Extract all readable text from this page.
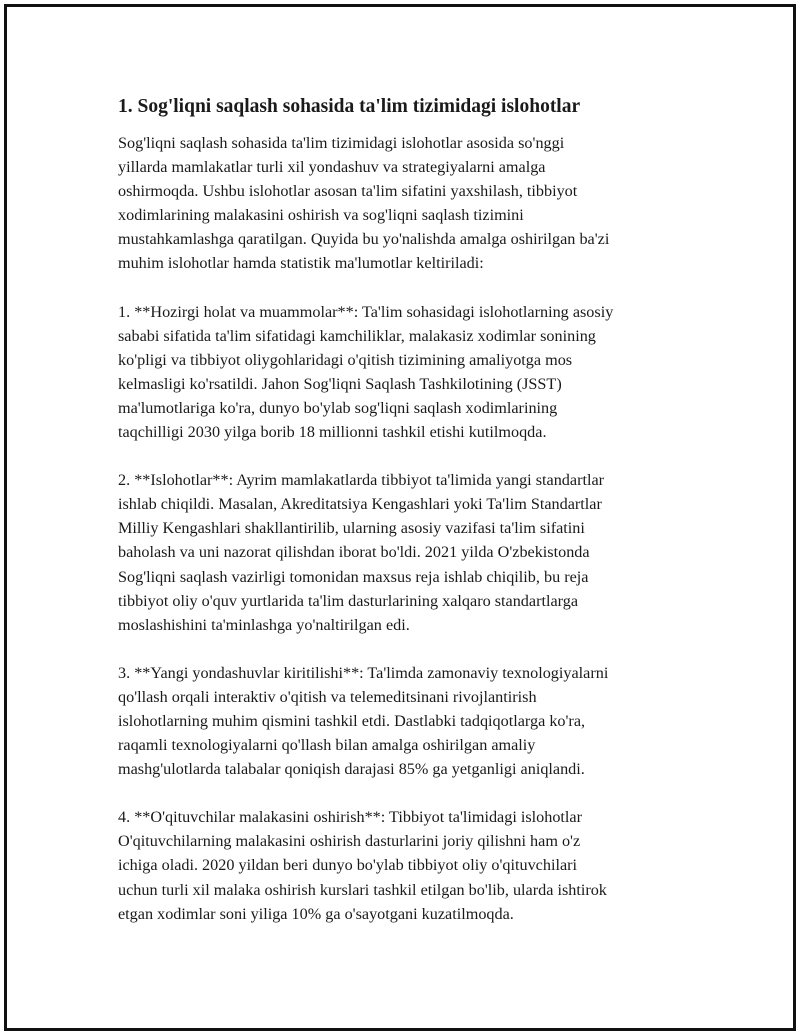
1. Sog'liqni saqlash sohasida ta'lim tizimidagi islohotlar

Sog'liqni saqlash sohasida ta'lim tizimidagi islohotlar asosida so'nggi
yillarda mamlakatlar turli xil yondashuv va strategiyalarni amalga
oshirmoqda. Ushbu islohotlar asosan ta'lim sifatini yaxshilash, tibbiyot
xodimlarining malakasini oshirish va sog'liqni saqlash tizimini
mustahkamlashga qaratilgan. Quyida bu yo'nalishda amalga oshirilgan ba'zi
muhim islohotlar hamda statistik ma'lumotlar keltiriladi:

1. **Hozirgi holat va muammolar**: Ta'lim sohasidagi islohotlarning asosiy
sababi sifatida ta'lim sifatidagi kamchiliklar, malakasiz xodimlar sonining
ko'pligi va tibbiyot oliygohlaridagi o'qitish tizimining amaliyotga mos
kelmasligi ko'rsatildi. Jahon Sog'liqni Saqlash Tashkilotining (JSST)
ma'lumotlariga ko'ra, dunyo bo'ylab sog'liqni saqlash xodimlarining
taqchilligi 2030 yilga borib 18 millionni tashkil etishi kutilmoqda.

2. **Islohotlar**: Ayrim mamlakatlarda tibbiyot ta'limida yangi standartlar
ishlab chiqildi. Masalan, Akreditatsiya Kengashlari yoki Ta'lim Standartlar
Milliy Kengashlari shakllantirilib, ularning asosiy vazifasi ta'lim sifatini
baholash va uni nazorat qilishdan iborat bo'ldi. 2021 yilda O'zbekistonda
Sog'liqni saqlash vazirligi tomonidan maxsus reja ishlab chiqilib, bu reja
tibbiyot oliy o'quv yurtlarida ta'lim dasturlarining xalqaro standartlarga
moslashishini ta'minlashga yo'naltirilgan edi.

3. **Yangi yondashuvlar kiritilishi**: Ta'limda zamonaviy texnologiyalarni
qo'llash orqali interaktiv o'qitish va telemeditsinani rivojlantirish
islohotlarning muhim qismini tashkil etdi. Dastlabki tadqiqotlarga ko'ra,
raqamli texnologiyalarni qo'llash bilan amalga oshirilgan amaliy
mashg'ulotlarda talabalar qoniqish darajasi 85% ga yetganligi aniqlandi.

4. **O'qituvchilar malakasini oshirish**: Tibbiyot ta'limidagi islohotlar
O'qituvchilarning malakasini oshirish dasturlarini joriy qilishni ham o'z
ichiga oladi. 2020 yildan beri dunyo bo'ylab tibbiyot oliy o'qituvchilari
uchun turli xil malaka oshirish kurslari tashkil etilgan bo'lib, ularda ishtirok
etgan xodimlar soni yiliga 10% ga o'sayotgani kuzatilmoqda.
